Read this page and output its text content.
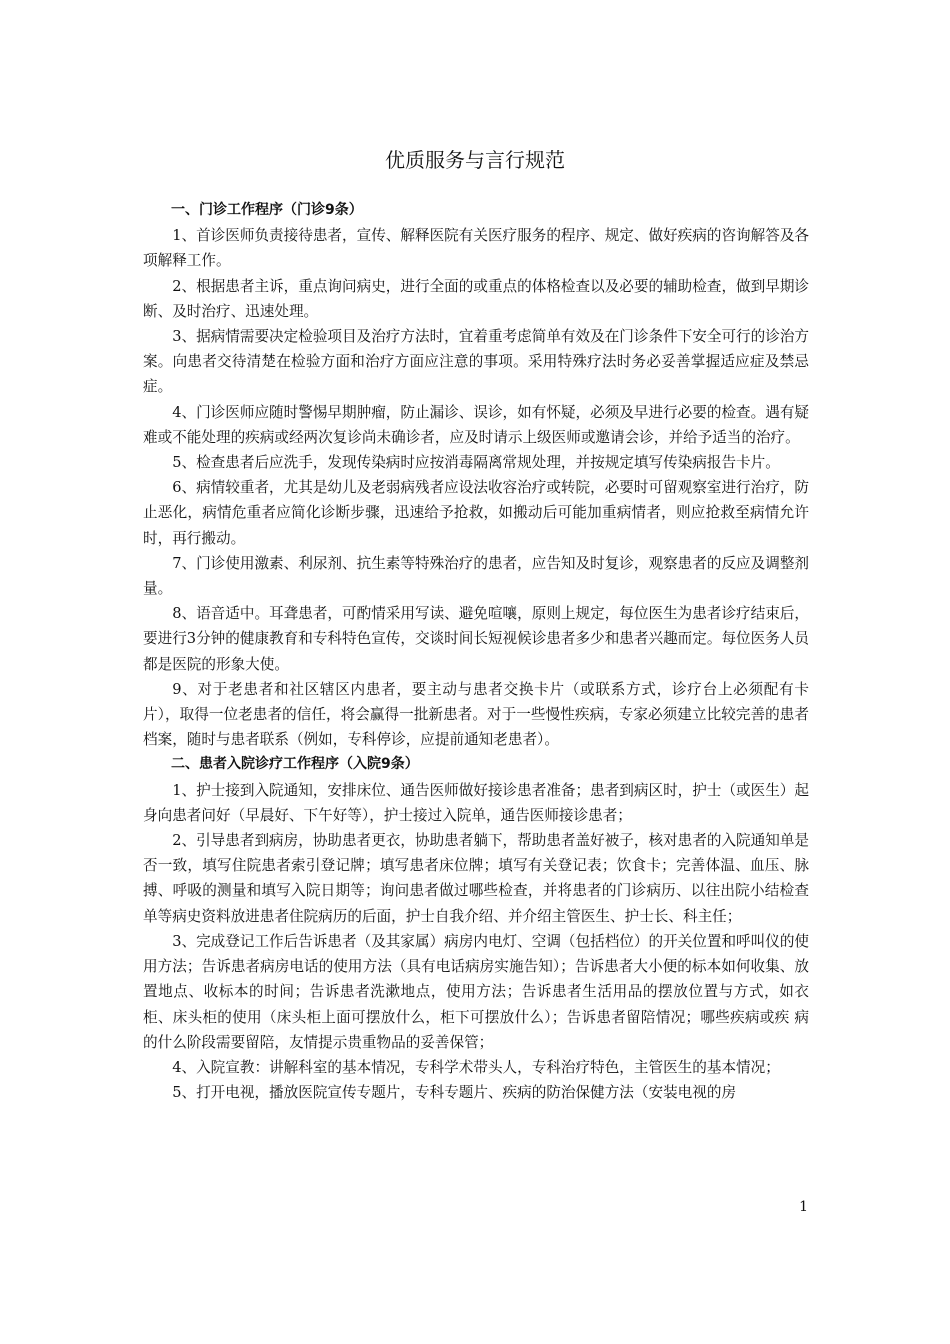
优质服务与言行规范

一、门诊工作程序（门诊9条）

1、首诊医师负责接待患者，宣传、解释医院有关医疗服务的程序、规定、做好疾病的咨询解答及各项解释工作。

2、根据患者主诉，重点询问病史，进行全面的或重点的体格检查以及必要的辅助检查，做到早期诊断、及时治疗、迅速处理。

3、据病情需要决定检验项目及治疗方法时，宜着重考虑简单有效及在门诊条件下安全可行的诊治方案。向患者交待清楚在检验方面和治疗方面应注意的事项。采用特殊疗法时务必妥善掌握适应症及禁忌症。

4、门诊医师应随时警惕早期肿瘤，防止漏诊、误诊，如有怀疑，必须及早进行必要的检查。遇有疑难或不能处理的疾病或经两次复诊尚未确诊者，应及时请示上级医师或邀请会诊，并给予适当的治疗。

5、检查患者后应洗手，发现传染病时应按消毒隔离常规处理，并按规定填写传染病报告卡片。

6、病情较重者，尤其是幼儿及老弱病残者应设法收容治疗或转院，必要时可留观察室进行治疗，防止恶化，病情危重者应简化诊断步骤，迅速给予抢救，如搬动后可能加重病情者，则应抢救至病情允许时，再行搬动。

7、门诊使用激素、利尿剂、抗生素等特殊治疗的患者，应告知及时复诊，观察患者的反应及调整剂量。

8、语音适中。耳聋患者，可酌情采用写读、避免喧嚷，原则上规定，每位医生为患者诊疗结束后，要进行3分钟的健康教育和专科特色宣传，交谈时间长短视候诊患者多少和患者兴趣而定。每位医务人员都是医院的形象大使。

9、对于老患者和社区辖区内患者，要主动与患者交换卡片（或联系方式，诊疗台上必须配有卡片），取得一位老患者的信任，将会赢得一批新患者。对于一些慢性疾病，专家必须建立比较完善的患者档案，随时与患者联系（例如，专科停诊，应提前通知老患者）。

二、患者入院诊疗工作程序（入院9条）

1、护士接到入院通知，安排床位、通告医师做好接诊患者准备；患者到病区时，护士（或医生）起身向患者问好（早晨好、下午好等），护士接过入院单，通告医师接诊患者；

2、引导患者到病房，协助患者更衣，协助患者躺下，帮助患者盖好被子，核对患者的入院通知单是否一致，填写住院患者索引登记牌；填写患者床位牌；填写有关登记表；饮食卡；完善体温、血压、脉搏、呼吸的测量和填写入院日期等；询问患者做过哪些检查，并将患者的门诊病历、以往出院小结检查单等病史资料放进患者住院病历的后面，护士自我介绍、并介绍主管医生、护士长、科主任；

3、完成登记工作后告诉患者（及其家属）病房内电灯、空调（包括档位）的开关位置和呼叫仪的使用方法；告诉患者病房电话的使用方法（具有电话病房实施告知）；告诉患者大小便的标本如何收集、放置地点、收标本的时间；告诉患者洗漱地点，使用方法；告诉患者生活用品的摆放位置与方式，如衣柜、床头柜的使用（床头柜上面可摆放什么，柜下可摆放什么）；告诉患者留陪情况；哪些疾病或疾 病的什么阶段需要留陪，友情提示贵重物品的妥善保管；

4、入院宣教：讲解科室的基本情况，专科学术带头人，专科治疗特色，主管医生的基本情况；

5、打开电视，播放医院宣传专题片，专科专题片、疾病的防治保健方法（安装电视的房

1
